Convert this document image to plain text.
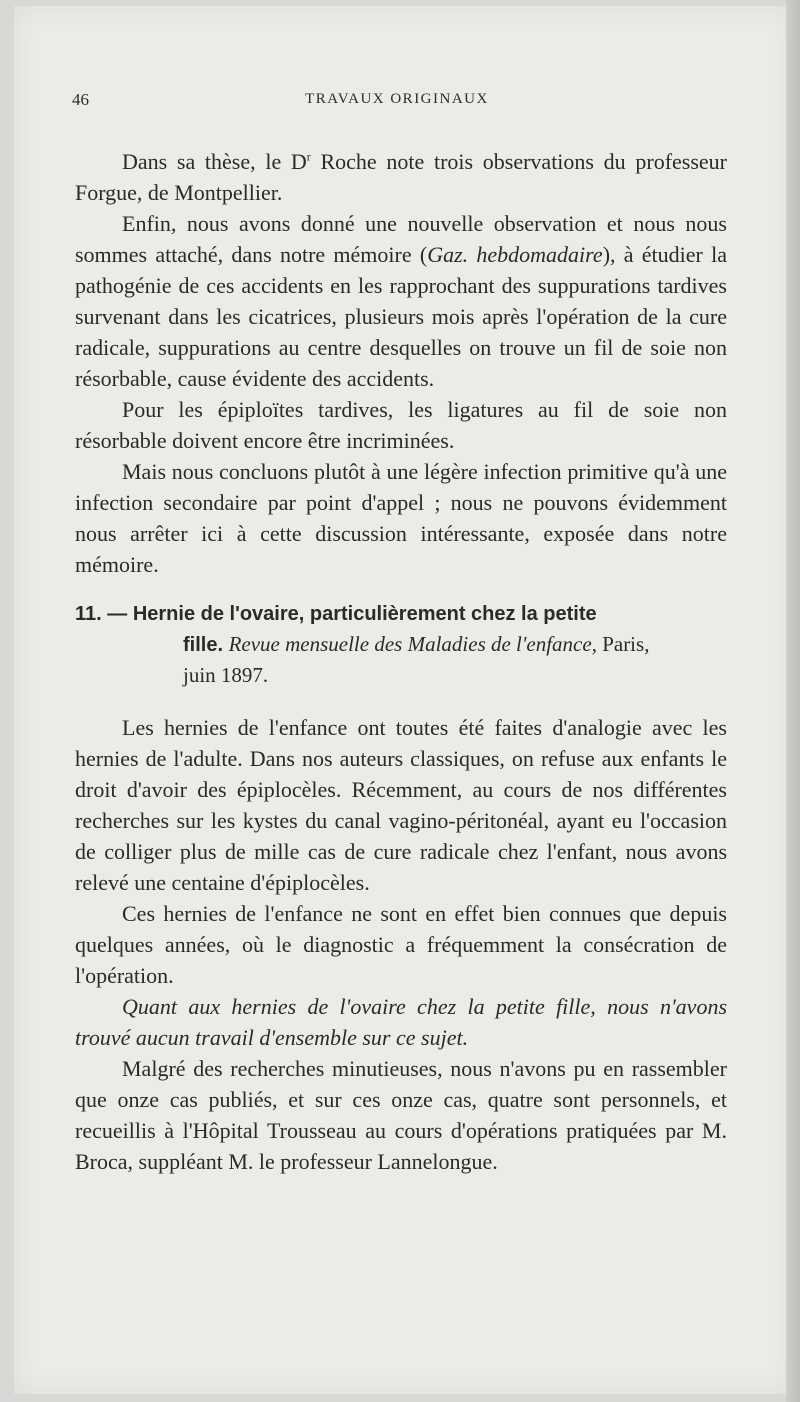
46	TRAVAUX ORIGINAUX

Dans sa thèse, le $D^r$ Roche note trois observations du professeur Forgue, de Montpellier.

Enfin, nous avons donné une nouvelle observation et nous nous sommes attaché, dans notre mémoire (Gaz. hebdomadaire), à étudier la pathogénie de ces accidents en les rapprochant des suppurations tardives survenant dans les cicatrices, plusieurs mois après l'opération de la cure radicale, suppurations au centre desquelles on trouve un fil de soie non résorbable, cause évidente des accidents.

Pour les épiploïtes tardives, les ligatures au fil de soie non résorbable doivent encore être incriminées.

Mais nous concluons plutôt à une légère infection primitive qu'à une infection secondaire par point d'appel ; nous ne pouvons évidemment nous arrêter ici à cette discussion intéressante, exposée dans notre mémoire.

11. — Hernie de l'ovaire, particulièrement chez la petite
fille. Revue mensuelle des Maladies de l'enfance, Paris,
juin 1897.

Les hernies de l'enfance ont toutes été faites d'analogie avec les hernies de l'adulte. Dans nos auteurs classiques, on refuse aux enfants le droit d'avoir des épiplocèles. Récemment, au cours de nos différentes recherches sur les kystes du canal vagino-péritonéal, ayant eu l'occasion de colliger plus de mille cas de cure radicale chez l'enfant, nous avons relevé une centaine d'épiplocèles.

Ces hernies de l'enfance ne sont en effet bien connues que depuis quelques années, où le diagnostic a fréquemment la consécration de l'opération.

Quant aux hernies de l'ovaire chez la petite fille, nous n'avons trouvé aucun travail d'ensemble sur ce sujet.

Malgré des recherches minutieuses, nous n'avons pu en rassembler que onze cas publiés, et sur ces onze cas, quatre sont personnels, et recueillis à l'Hôpital Trousseau au cours d'opérations pratiquées par M. Broca, suppléant M. le professeur Lannelongue.
